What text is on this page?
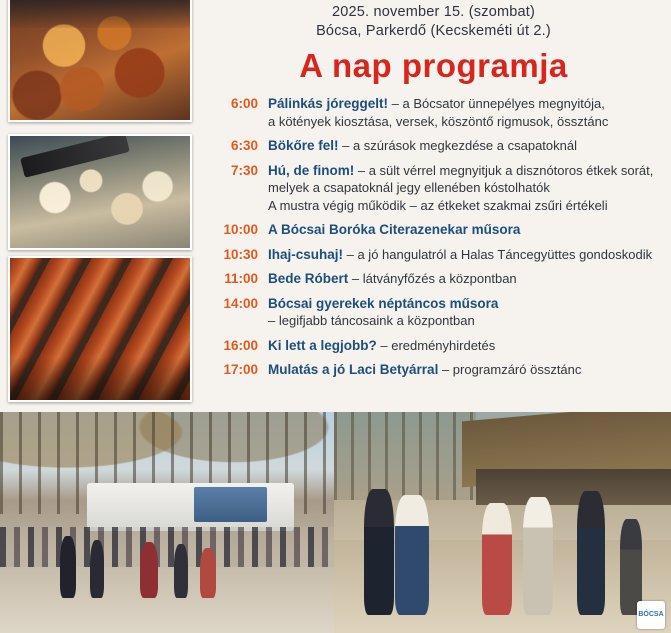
2025. november 15. (szombat)
Bócsa, Parkerdő (Kecskeméti út 2.)
A nap programja
6:00 Pálinkás jóreggelt! – a Bócsator ünnepélyes megnyitója,
a kötények kiosztása, versek, köszöntő rigmusok, össztánc
6:30 Bökőre fel! – a szúrások megkezdése a csapatoknál
7:30 Hú, de finom! – a sült vérrel megnyitjuk a disznótoros étkek sorát,
melyek a csapatoknál jegy ellenében kóstolhatók
A mustra végig működik – az étkeket szakmai zsűri értékeli
10:00 A Bócsai Boróka Citerazenekar műsora
10:30 Ihaj-csuhaj! – a jó hangulatról a Halas Táncegyüttes gondoskodik
11:00 Bede Róbert – látványfőzés a központban
14:00 Bócsai gyerekek néptáncos műsora
– legifjabb táncosaink a központban
16:00 Ki lett a legjobb? – eredményhirdetés
17:00 Mulatás a jó Laci Betyárral – programzáró össztánc
BÓCSA
